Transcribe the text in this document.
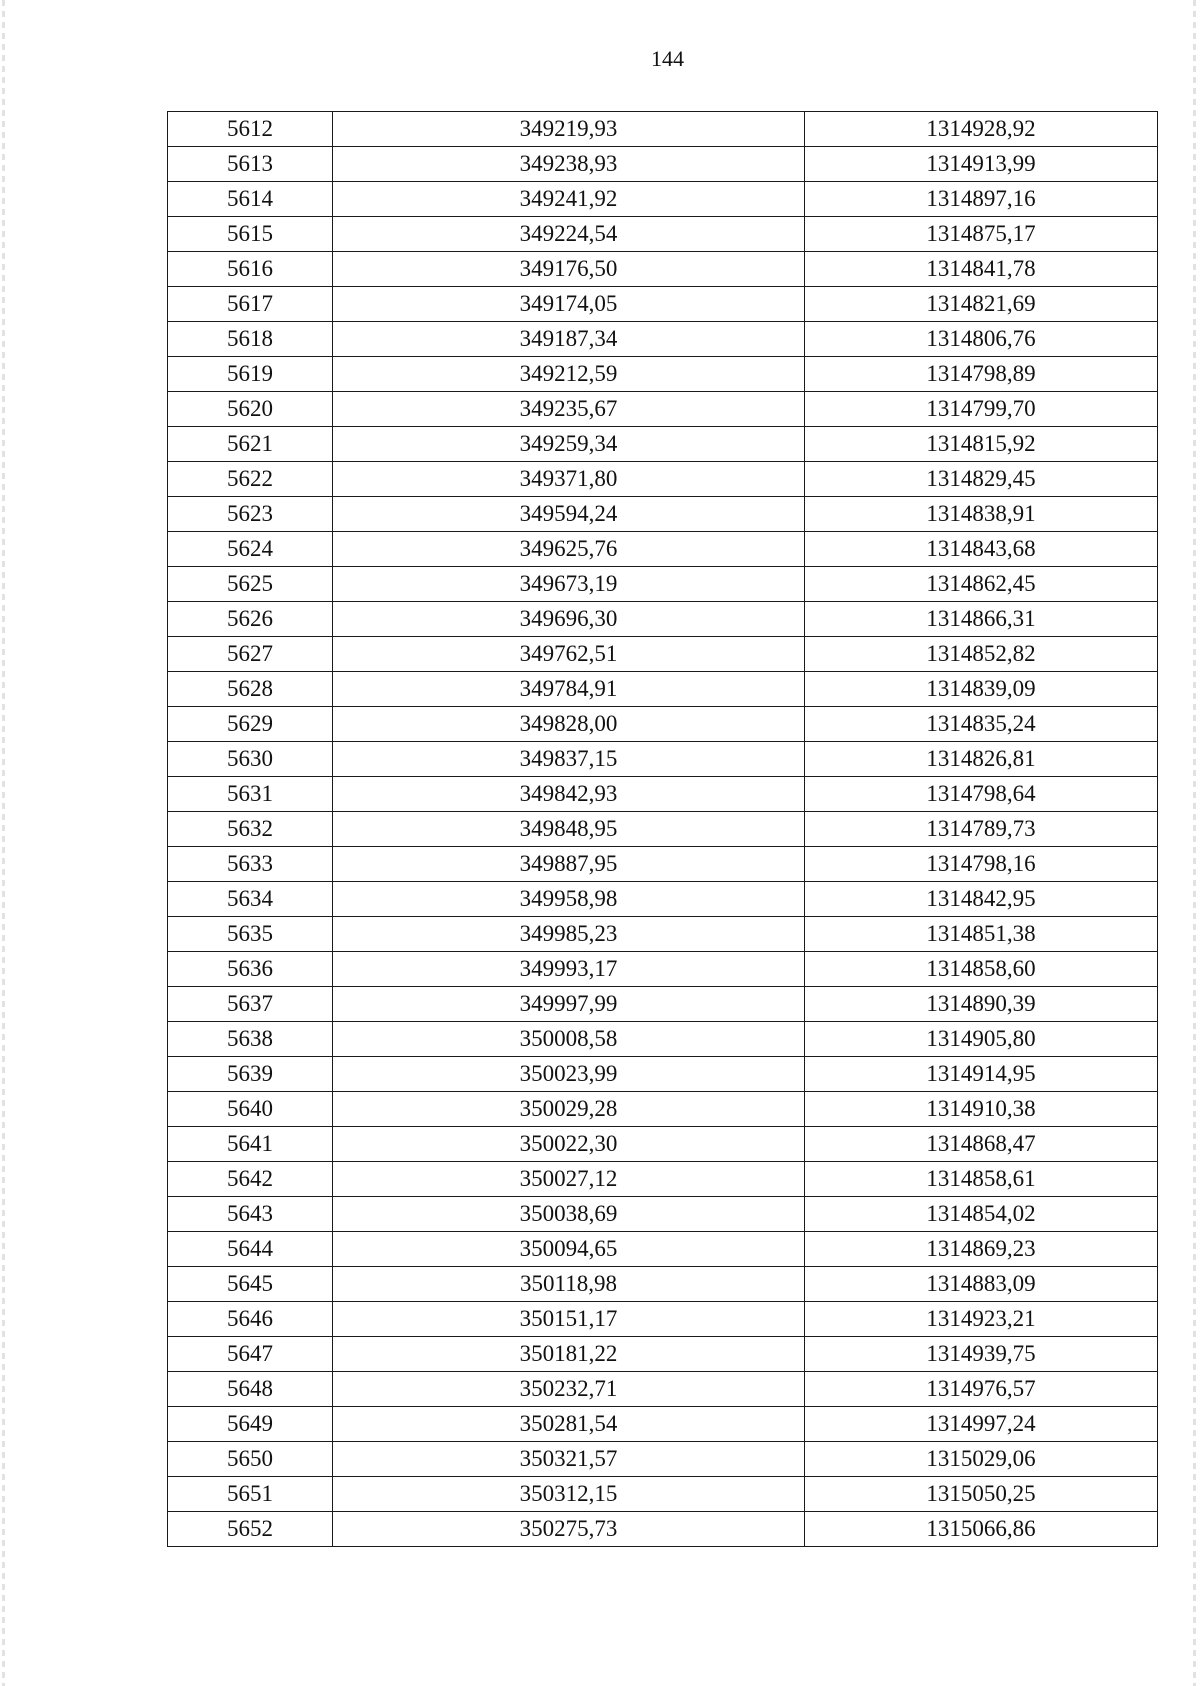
144
5612	349219,93	1314928,92
5613	349238,93	1314913,99
5614	349241,92	1314897,16
5615	349224,54	1314875,17
5616	349176,50	1314841,78
5617	349174,05	1314821,69
5618	349187,34	1314806,76
5619	349212,59	1314798,89
5620	349235,67	1314799,70
5621	349259,34	1314815,92
5622	349371,80	1314829,45
5623	349594,24	1314838,91
5624	349625,76	1314843,68
5625	349673,19	1314862,45
5626	349696,30	1314866,31
5627	349762,51	1314852,82
5628	349784,91	1314839,09
5629	349828,00	1314835,24
5630	349837,15	1314826,81
5631	349842,93	1314798,64
5632	349848,95	1314789,73
5633	349887,95	1314798,16
5634	349958,98	1314842,95
5635	349985,23	1314851,38
5636	349993,17	1314858,60
5637	349997,99	1314890,39
5638	350008,58	1314905,80
5639	350023,99	1314914,95
5640	350029,28	1314910,38
5641	350022,30	1314868,47
5642	350027,12	1314858,61
5643	350038,69	1314854,02
5644	350094,65	1314869,23
5645	350118,98	1314883,09
5646	350151,17	1314923,21
5647	350181,22	1314939,75
5648	350232,71	1314976,57
5649	350281,54	1314997,24
5650	350321,57	1315029,06
5651	350312,15	1315050,25
5652	350275,73	1315066,86
